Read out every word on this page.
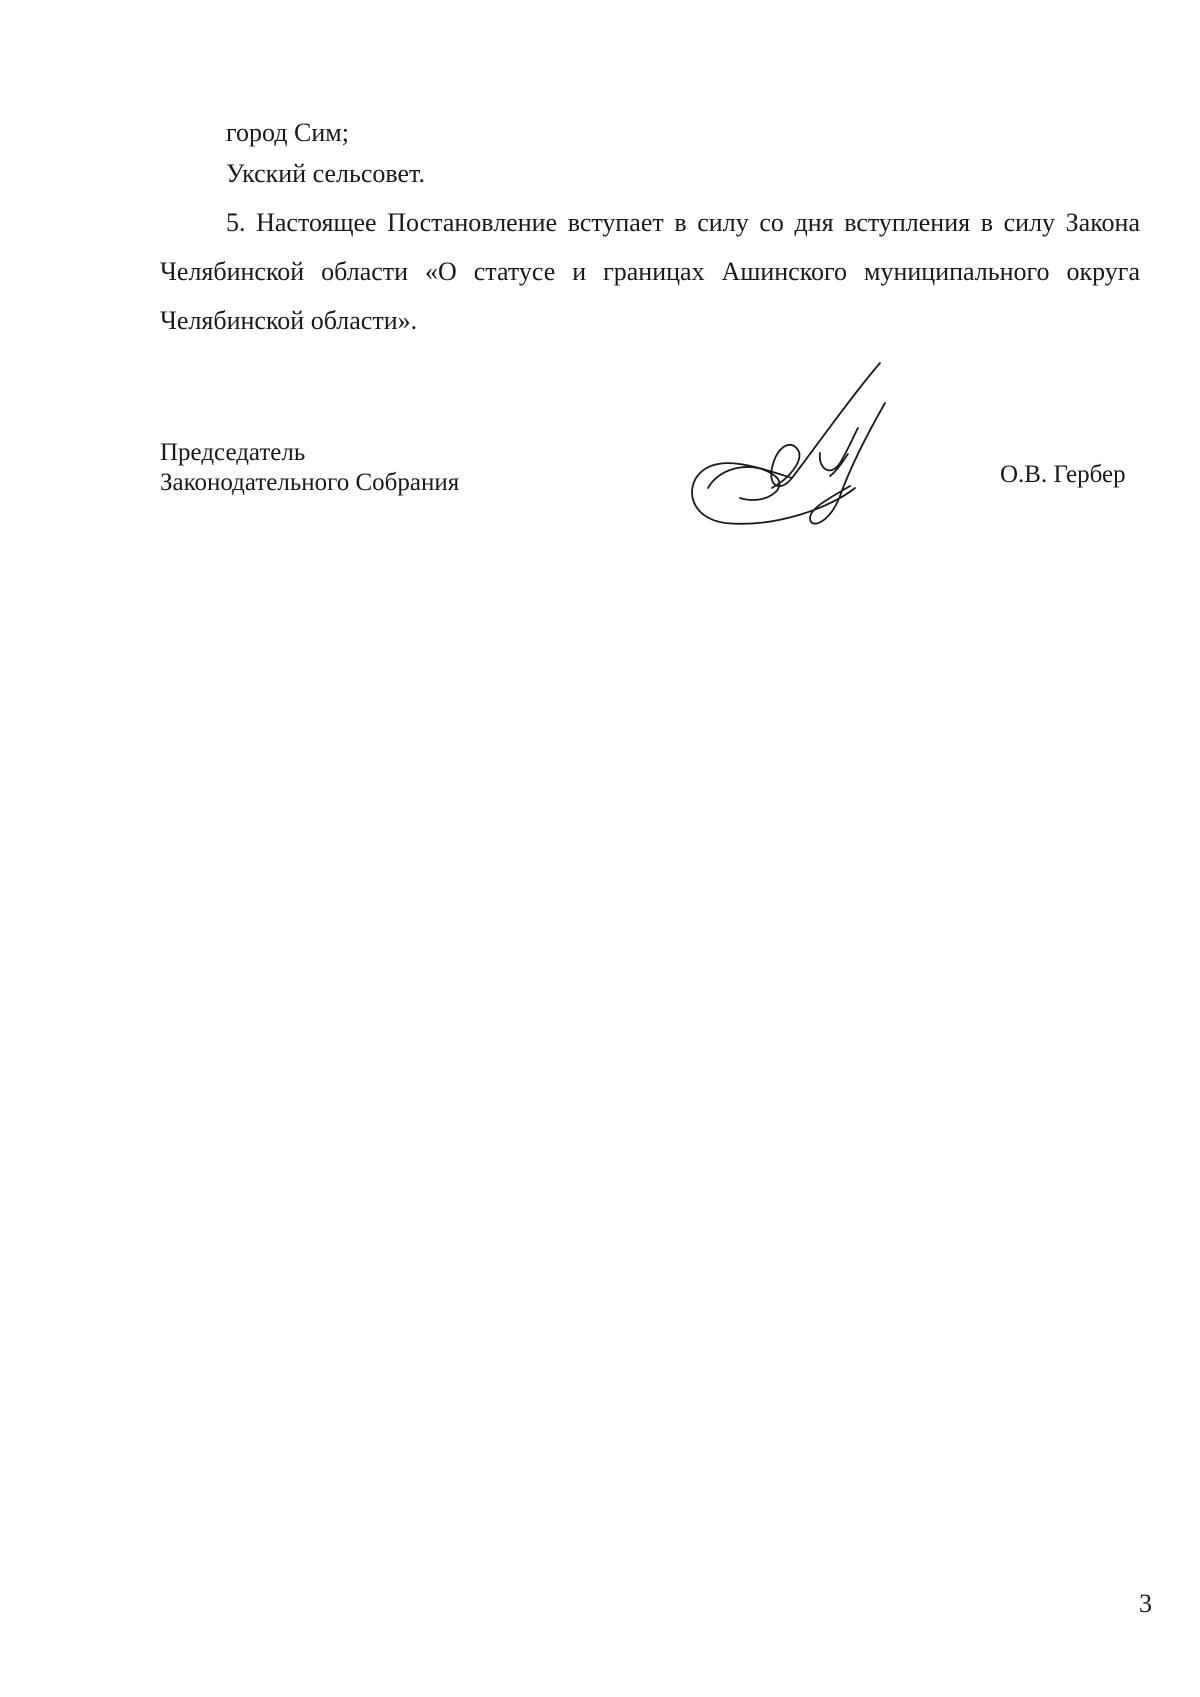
город Сим;
Укский сельсовет.
5. Настоящее Постановление вступает в силу со дня вступления в силу Закона Челябинской области «О статусе и границах Ашинского муниципального округа Челябинской области».
Председатель
Законодательного Собрания	О.В. Гербер
3
